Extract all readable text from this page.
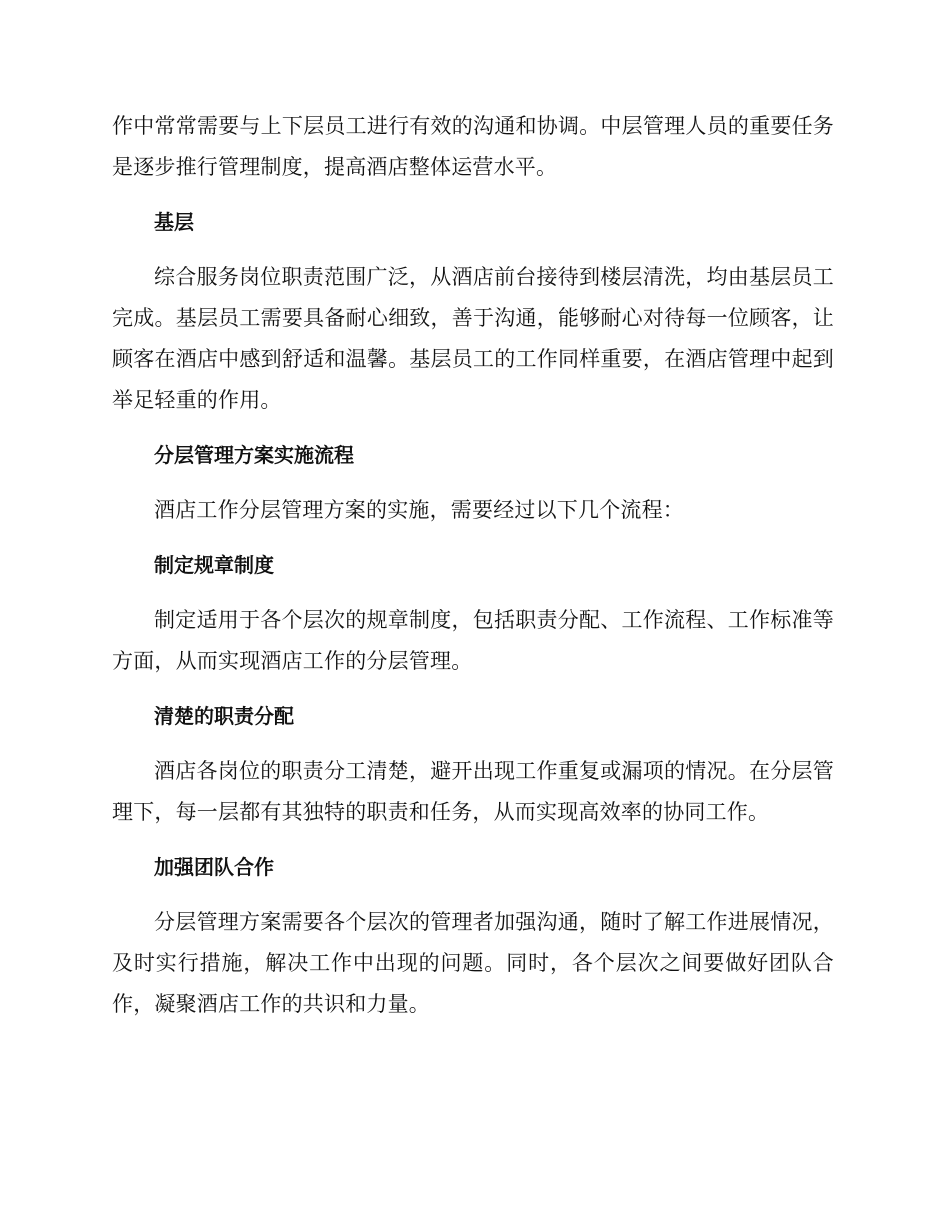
作中常常需要与上下层员工进行有效的沟通和协调。中层管理人员的重要任务是逐步推行管理制度，提高酒店整体运营水平。

基层

综合服务岗位职责范围广泛，从酒店前台接待到楼层清洗，均由基层员工完成。基层员工需要具备耐心细致，善于沟通，能够耐心对待每一位顾客，让顾客在酒店中感到舒适和温馨。基层员工的工作同样重要，在酒店管理中起到举足轻重的作用。

分层管理方案实施流程

酒店工作分层管理方案的实施，需要经过以下几个流程：

制定规章制度

制定适用于各个层次的规章制度，包括职责分配、工作流程、工作标准等方面，从而实现酒店工作的分层管理。

清楚的职责分配

酒店各岗位的职责分工清楚，避开出现工作重复或漏项的情况。在分层管理下，每一层都有其独特的职责和任务，从而实现高效率的协同工作。

加强团队合作

分层管理方案需要各个层次的管理者加强沟通，随时了解工作进展情况，及时实行措施，解决工作中出现的问题。同时，各个层次之间要做好团队合作，凝聚酒店工作的共识和力量。
